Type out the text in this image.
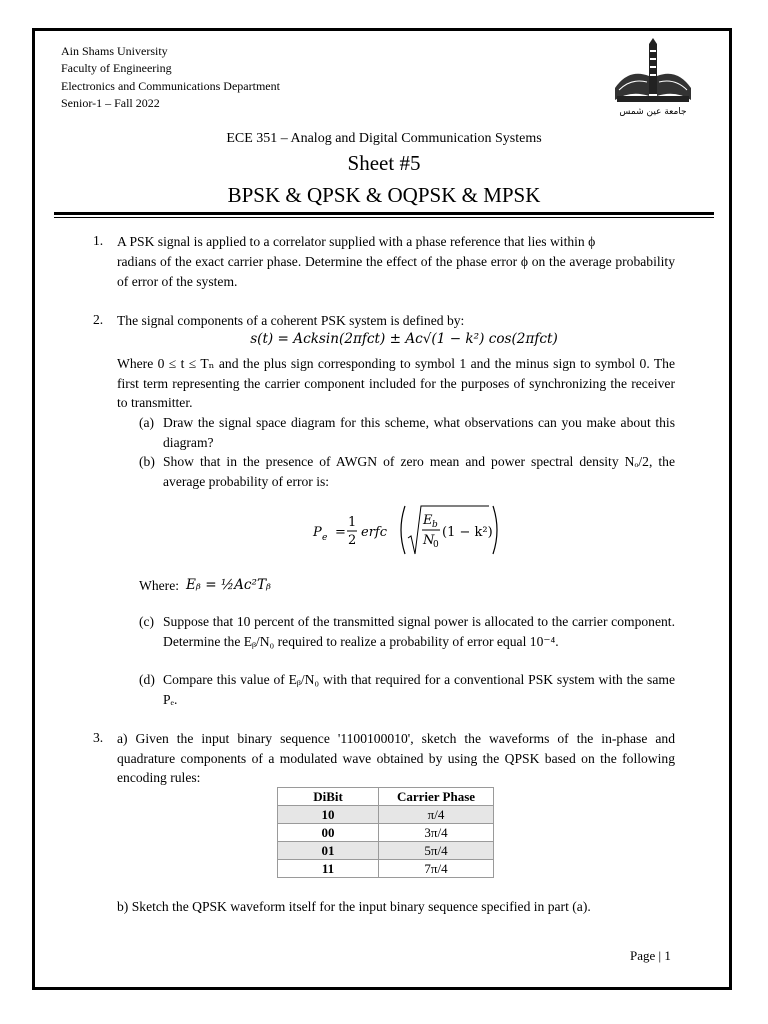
Ain Shams University
Faculty of Engineering
Electronics and Communications Department
Senior-1 – Fall 2022
جامعة عين شمس
ECE 351 – Analog and Digital Communication Systems
Sheet #5
BPSK & QPSK & OQPSK & MPSK
1. A PSK signal is applied to a correlator supplied with a phase reference that lies within ϕ
radians of the exact carrier phase. Determine the effect of the phase error ϕ on the average probability of error of the system.
2. The signal components of a coherent PSK system is defined by:
s(t) = Aᴄksin(2πfᴄt) ± Aᴄ√(1 − k²) cos(2πfᴄt)
Where 0 ≤ t ≤ Tₙ and the plus sign corresponding to symbol 1 and the minus sign to symbol 0. The first term representing the carrier component included for the purposes of synchronizing the receiver to transmitter.
(a) Draw the signal space diagram for this scheme, what observations can you make about this diagram?
(b) Show that in the presence of AWGN of zero mean and power spectral density Nₒ/2, the average probability of error is:
P e =
1
2
erfc
E b
N
0
(1 − k²)
Where: Eᵦ = ½Aᴄ²Tᵦ
(c) Suppose that 10 percent of the transmitted signal power is allocated to the carrier component. Determine the Eᵦ/N₀ required to realize a probability of error equal 10⁻⁴.
(d) Compare this value of Eᵦ/N₀ with that required for a conventional PSK system with the same Pₑ.
3. a) Given the input binary sequence '1100100010', sketch the waveforms of the in-phase and quadrature components of a modulated wave obtained by using the QPSK based on the following encoding rules:
DiBit	Carrier Phase
10	π/4
00	3π/4
01	5π/4
11	7π/4
b) Sketch the QPSK waveform itself for the input binary sequence specified in part (a).
Page | 1
